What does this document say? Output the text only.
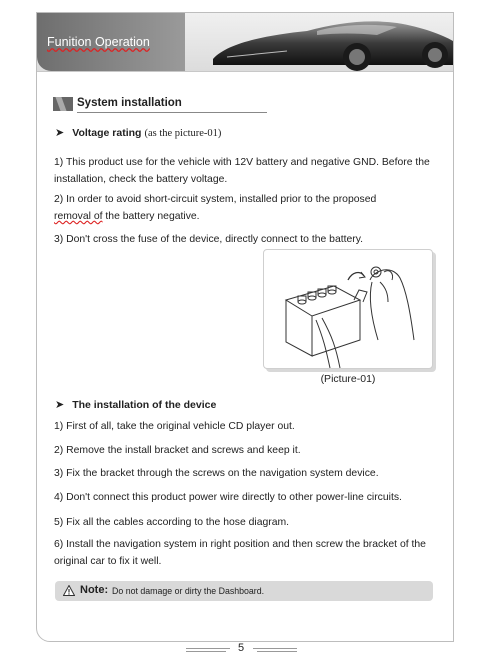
Funition Operation
System installation
➤ Voltage rating (as the picture-01)
1) This product use for the vehicle with 12V battery and negative GND. Before the installation, check the battery voltage.
2) In order to avoid short-circuit system, installed prior to the proposed
removal of the battery negative.
3) Don't cross the fuse of the device, directly connect to the battery.
(Picture-01)
➤ The installation of the device
1) First of all, take the original vehicle CD player out.
2) Remove the install bracket and screws and keep it.
3) Fix the bracket through the screws on the navigation system device.
4) Don't connect this product power wire directly to other power-line circuits.
5) Fix all the cables according to the hose diagram.
6) Install the navigation system in right position and then screw the bracket of the original car to fix it well.
Note: Do not damage or dirty the Dashboard.
5
